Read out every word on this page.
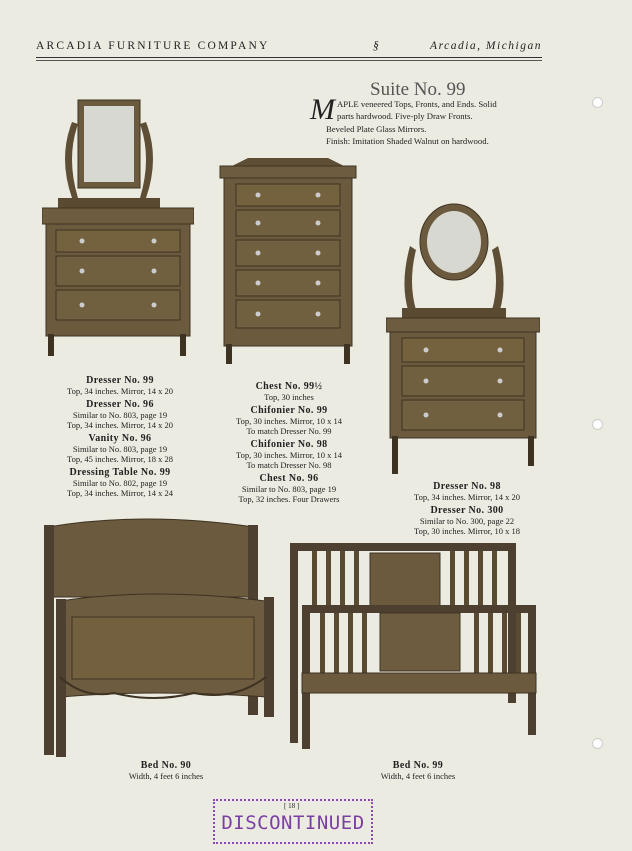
ARCADIA FURNITURE COMPANY	§	Arcadia, Michigan
Suite No. 99
M APLE veneered Tops, Fronts, and Ends. Solid

parts hardwood. Five-ply Draw Fronts.

Beveled Plate Glass Mirrors.

Finish: Imitation Shaded Walnut on hardwood.

Dresser No. 99
Top, 34 inches. Mirror, 14 x 20
Dresser No. 96
Similar to No. 803, page 19
Top, 34 inches. Mirror, 14 x 20
Vanity No. 96
Similar to No. 803, page 19
Top, 45 inches. Mirror, 18 x 28
Dressing Table No. 99
Similar to No. 802, page 19
Top, 34 inches. Mirror, 14 x 24
Chest No. 99½
Top, 30 inches
Chifonier No. 99
Top, 30 inches. Mirror, 10 x 14
To match Dresser No. 99
Chifonier No. 98
Top, 30 inches. Mirror, 10 x 14
To match Dresser No. 98
Chest No. 96
Similar to No. 803, page 19
Top, 32 inches. Four Drawers
Dresser No. 98
Top, 34 inches. Mirror, 14 x 20
Dresser No. 300
Similar to No. 300, page 22
Top, 30 inches. Mirror, 10 x 18
Bed No. 90
Width, 4 feet 6 inches
Bed No. 99
Width, 4 feet 6 inches
[ 18 ]
DISCONTINUED
